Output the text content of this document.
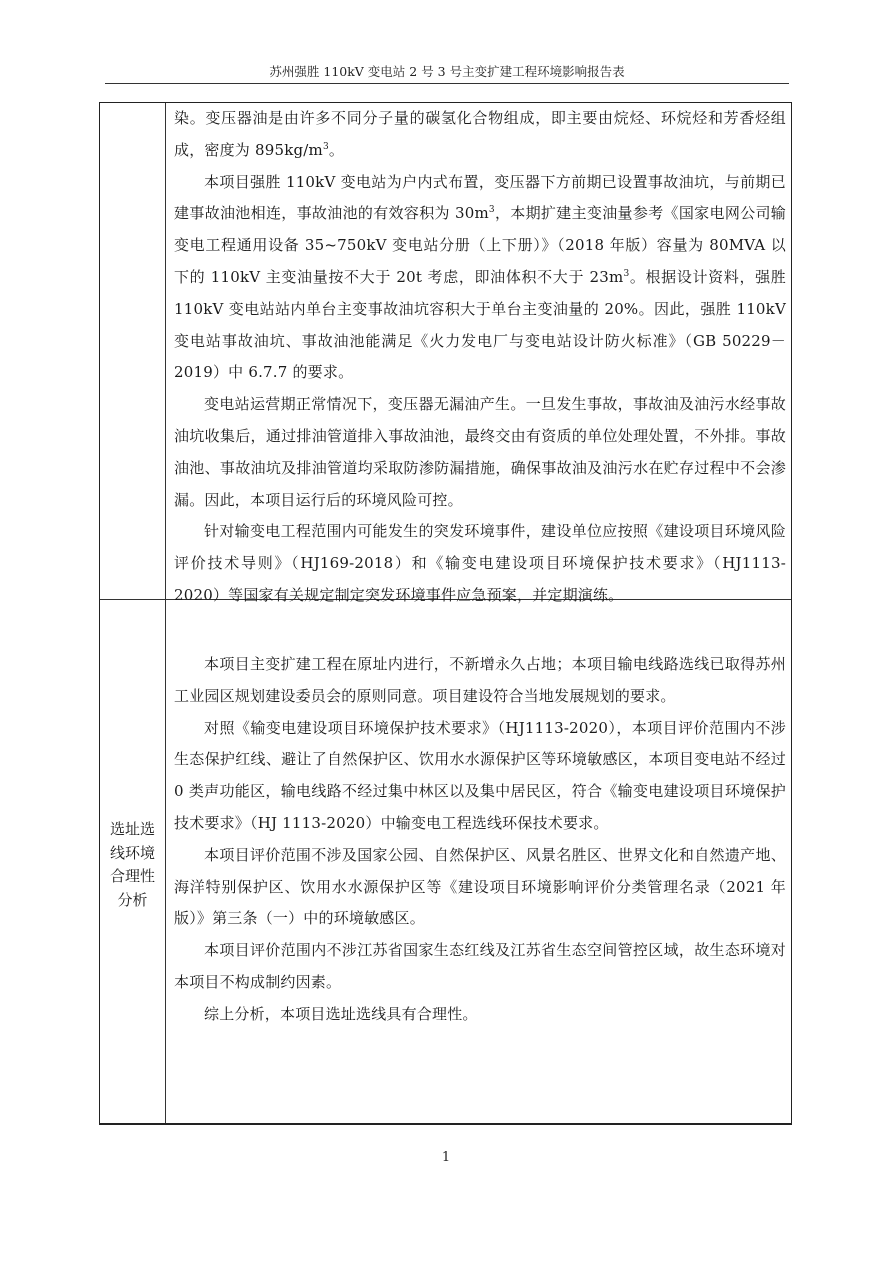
苏州强胜 110kV 变电站 2 号 3 号主变扩建工程环境影响报告表

染。变压器油是由许多不同分子量的碳氢化合物组成，即主要由烷烃、环烷烃和芳香烃组成，密度为 $895kg/m^3$。

本项目强胜 110kV 变电站为户内式布置，变压器下方前期已设置事故油坑，与前期已建事故油池相连，事故油池的有效容积为 $30m^3$，本期扩建主变油量参考《国家电网公司输变电工程通用设备 35~750kV 变电站分册（上下册）》（2018 年版）容量为 80MVA 以下的 110kV 主变油量按不大于 20t 考虑，即油体积不大于 $23m^3$。根据设计资料，强胜 110kV 变电站站内单台主变事故油坑容积大于单台主变油量的 20%。因此，强胜 110kV 变电站事故油坑、事故油池能满足《火力发电厂与变电站设计防火标准》（GB 50229－2019）中 6.7.7 的要求。

变电站运营期正常情况下，变压器无漏油产生。一旦发生事故，事故油及油污水经事故油坑收集后，通过排油管道排入事故油池，最终交由有资质的单位处理处置，不外排。事故油池、事故油坑及排油管道均采取防渗防漏措施，确保事故油及油污水在贮存过程中不会渗漏。因此，本项目运行后的环境风险可控。

针对输变电工程范围内可能发生的突发环境事件，建设单位应按照《建设项目环境风险评价技术导则》（HJ169-2018）和《输变电建设项目环境保护技术要求》（HJ1113-2020）等国家有关规定制定突发环境事件应急预案，并定期演练。

选址选
线环境
合理性
分析

本项目主变扩建工程在原址内进行，不新增永久占地；本项目输电线路选线已取得苏州工业园区规划建设委员会的原则同意。项目建设符合当地发展规划的要求。

对照《输变电建设项目环境保护技术要求》（HJ1113-2020），本项目评价范围内不涉生态保护红线、避让了自然保护区、饮用水水源保护区等环境敏感区，本项目变电站不经过 0 类声功能区，输电线路不经过集中林区以及集中居民区，符合《输变电建设项目环境保护技术要求》（HJ 1113-2020）中输变电工程选线环保技术要求。

本项目评价范围不涉及国家公园、自然保护区、风景名胜区、世界文化和自然遗产地、海洋特别保护区、饮用水水源保护区等《建设项目环境影响评价分类管理名录（2021 年版）》第三条（一）中的环境敏感区。

本项目评价范围内不涉江苏省国家生态红线及江苏省生态空间管控区域，故生态环境对本项目不构成制约因素。

综上分析，本项目选址选线具有合理性。

1
